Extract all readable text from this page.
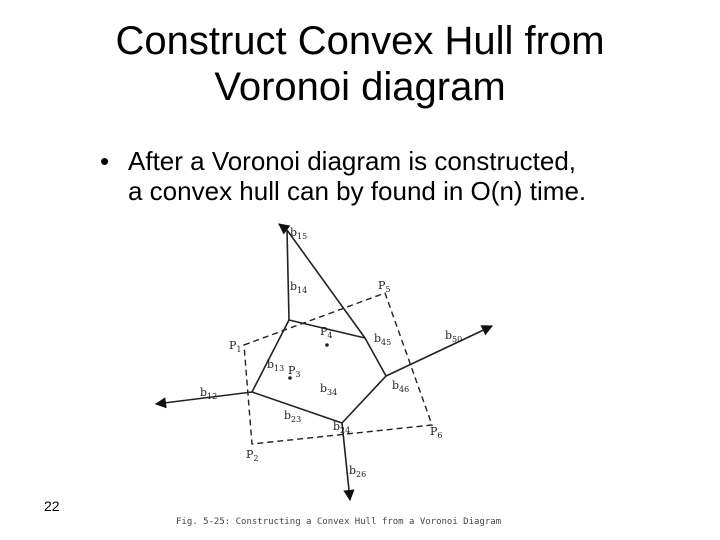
Construct Convex Hull from
Voronoi diagram
• After a Voronoi diagram is constructed,
a convex hull can by found in O(n) time.
$b_{15}$
$b_{14}$	$P_5$
$P_1$
$P_4$	$b_{45}$
$b_{50}$
$b_{13}$ $P_3$
$b_{34}$
$b_{46}$
$b_{12}$
$b_{23}$
$b_{24}$	$P_6$
$P_2$
$b_{26}$
Fig. 5-25: Constructing a Convex Hull from a Voronoi Diagram
22
